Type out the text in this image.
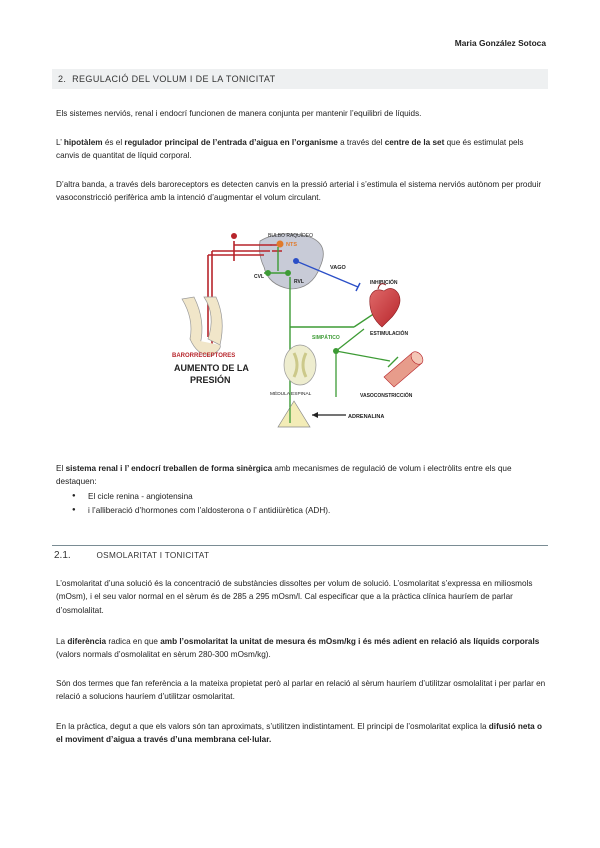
Maria González Sotoca
2. REGULACIÓ DEL VOLUM I DE LA TONICITAT
Els sistemes nerviós, renal i endocrí funcionen de manera conjunta per mantenir l’equilibri de líquids.
L’ hipotàlem és el regulador principal de l’entrada d’aigua en l’organisme a través del centre de la set que és estimulat pels canvis de quantitat de líquid corporal.
D’altra banda, a través dels baroreceptors es detecten canvis en la pressió arterial i s’estimula el sistema nerviós autònom per produir vasoconstricció perifèrica amb la intenció d’augmentar el volum circulant.
BULBO RAQUÍDEO
BARORRECEPTORES
AUMENTO DE LA
PRESIÓN
NTS
CVL
RVL
VAGO
INHIBICIÓN
ESTIMULACIÓN
SIMPÁTICO
VASOCONSTRICCIÓN
MÉDULA ESPINAL
ADRENALINA
El sistema renal i l’ endocrí treballen de forma sinèrgica amb mecanismes de regulació de volum i electròlits entre els que destaquen:
● El cicle renina - angiotensina
● i l’alliberació d’hormones com l’aldosterona o l’ antidiürètica (ADH).
2.1.	OSMOLARITAT I TONICITAT
L’osmolaritat d’una solució és la concentració de substàncies dissoltes per volum de solució. L’osmolaritat s’expressa en miliosmols (mOsm), i el seu valor normal en el sèrum és de 285 a 295 mOsm/l. Cal especificar que a la pràctica clínica hauríem de parlar d’osmolalitat.
La diferència radica en que amb l’osmolaritat la unitat de mesura és mOsm/kg i és més adient en relació als líquids corporals (valors normals d’osmolalitat en sèrum 280-300 mOsm/kg).
Són dos termes que fan referència a la mateixa propietat però al parlar en relació al sèrum hauríem d’utilitzar osmolalitat i per parlar en relació a solucions hauríem d’utilitzar osmolaritat.
En la pràctica, degut a que els valors són tan aproximats, s’utilitzen indistintament. El principi de l’osmolaritat explica la difusió neta o el moviment d’aigua a través d’una membrana cel·lular.
